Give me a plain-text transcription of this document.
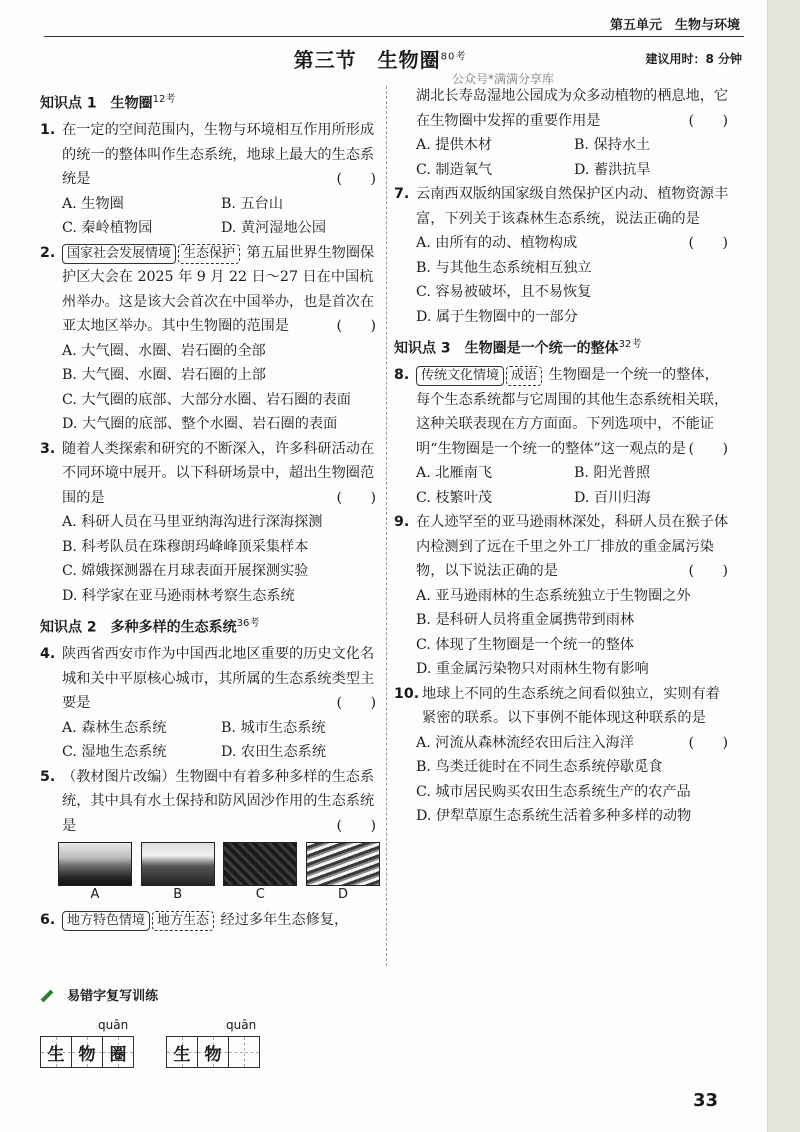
第五单元　生物与环境
第三节　生物圈$^{80考}$	建议用时：8 分钟
公众号*满满分享库
知识点 1　生物圈$^{12考}$
1. 在一定的空间范围内，生物与环境相互作用所形成的统一的整体叫作生态系统，地球上最大的生态系统是	(　　)
A. 生物圈	B. 五台山
C. 秦岭植物园	D. 黄河湿地公园
2. 国家社会发展情境 生态保护 第五届世界生物圈保护区大会在 2025 年 9 月 22 日～27 日在中国杭州举办。这是该大会首次在中国举办，也是首次在亚太地区举办。其中生物圈的范围是	(　　)
A. 大气圈、水圈、岩石圈的全部
B. 大气圈、水圈、岩石圈的上部
C. 大气圈的底部、大部分水圈、岩石圈的表面
D. 大气圈的底部、整个水圈、岩石圈的表面
3. 随着人类探索和研究的不断深入，许多科研活动在不同环境中展开。以下科研场景中，超出生物圈范围的是	(　　)
A. 科研人员在马里亚纳海沟进行深海探测
B. 科考队员在珠穆朗玛峰峰顶采集样本
C. 嫦娥探测器在月球表面开展探测实验
D. 科学家在亚马逊雨林考察生态系统
知识点 2　多种多样的生态系统$^{36考}$
4. 陕西省西安市作为中国西北地区重要的历史文化名城和关中平原核心城市，其所属的生态系统类型主要是	(　　)
A. 森林生态系统	B. 城市生态系统
C. 湿地生态系统	D. 农田生态系统
5. （教材图片改编）生物圈中有着多种多样的生态系统，其中具有水土保持和防风固沙作用的生态系统是	(　　)
A	B	C	D
6. 地方特色情境 地方生态 经过多年生态修复，
湖北长寿岛湿地公园成为众多动植物的栖息地，它在生物圈中发挥的重要作用是	(　　)
A. 提供木材	B. 保持水土
C. 制造氧气	D. 蓄洪抗旱
7. 云南西双版纳国家级自然保护区内动、植物资源丰富，下列关于该森林生态系统，说法正确的是
(　　)
A. 由所有的动、植物构成
B. 与其他生态系统相互独立
C. 容易被破坏，且不易恢复
D. 属于生物圈中的一部分
知识点 3　生物圈是一个统一的整体$^{32考}$
8. 传统文化情境 成语 生物圈是一个统一的整体，每个生态系统都与它周围的其他生态系统相关联，这种关联表现在方方面面。下列选项中，不能证明“生物圈是一个统一的整体”这一观点的是 (　　)
A. 北雁南飞	B. 阳光普照
C. 枝繁叶茂	D. 百川归海
9. 在人迹罕至的亚马逊雨林深处，科研人员在猴子体内检测到了远在千里之外工厂排放的重金属污染物，以下说法正确的是	(　　)
A. 亚马逊雨林的生态系统独立于生物圈之外
B. 是科研人员将重金属携带到雨林
C. 体现了生物圈是一个统一的整体
D. 重金属污染物只对雨林生物有影响
10. 地球上不同的生态系统之间看似独立，实则有着紧密的联系。以下事例不能体现这种联系的是
(　　)
A. 河流从森林流经农田后注入海洋
B. 鸟类迁徙时在不同生态系统停歇觅食
C. 城市居民购买农田生态系统生产的农产品
D. 伊犁草原生态系统生活着多种多样的动物
易错字复写训练
quān	quān
生 物 圈	生 物
33
